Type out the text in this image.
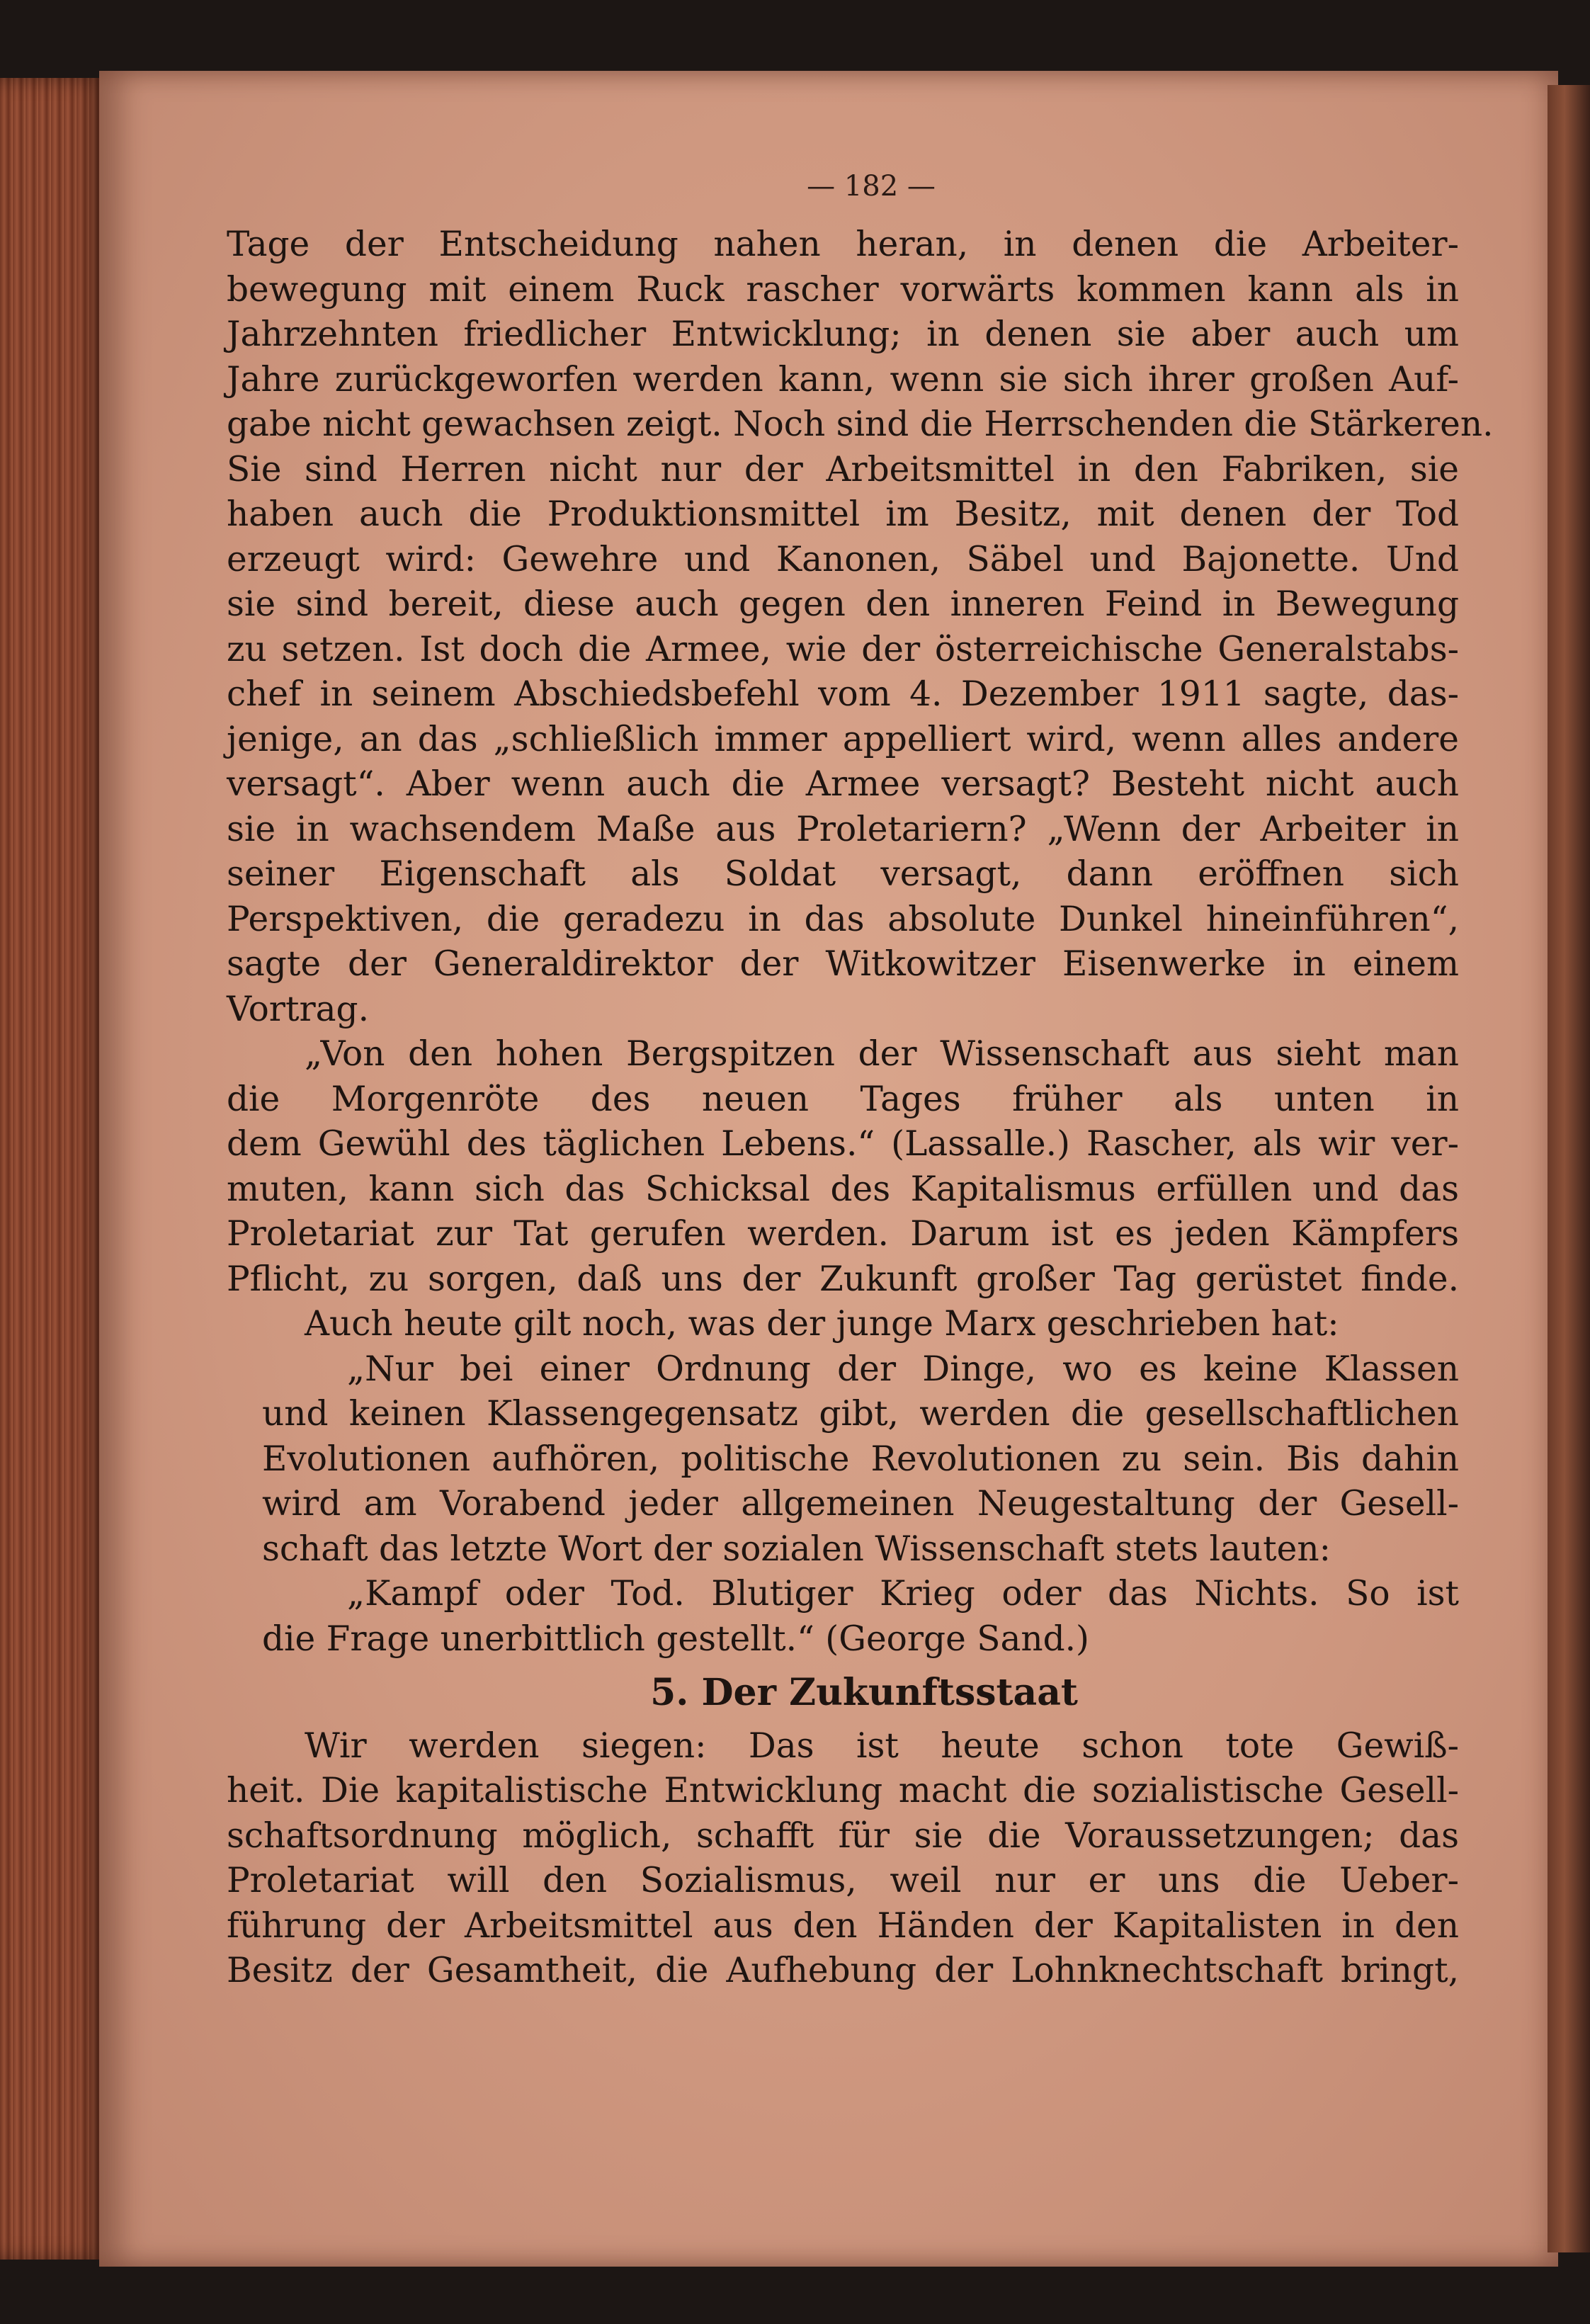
— 182 —
Tage der Entscheidung nahen heran, in denen die Arbeiter-
bewegung mit einem Ruck rascher vorwärts kommen kann als in
Jahrzehnten friedlicher Entwicklung; in denen sie aber auch um
Jahre zurückgeworfen werden kann, wenn sie sich ihrer großen Auf-
gabe nicht gewachsen zeigt. Noch sind die Herrschenden die Stärkeren.
Sie sind Herren nicht nur der Arbeitsmittel in den Fabriken, sie
haben auch die Produktionsmittel im Besitz, mit denen der Tod
erzeugt wird: Gewehre und Kanonen, Säbel und Bajonette. Und
sie sind bereit, diese auch gegen den inneren Feind in Bewegung
zu setzen. Ist doch die Armee, wie der österreichische Generalstabs-
chef in seinem Abschiedsbefehl vom 4. Dezember 1911 sagte, das-
jenige, an das „schließlich immer appelliert wird, wenn alles andere
versagt“. Aber wenn auch die Armee versagt? Besteht nicht auch
sie in wachsendem Maße aus Proletariern? „Wenn der Arbeiter in
seiner Eigenschaft als Soldat versagt, dann eröffnen sich
Perspektiven, die geradezu in das absolute Dunkel hineinführen“,
sagte der Generaldirektor der Witkowitzer Eisenwerke in einem
Vortrag.
„Von den hohen Bergspitzen der Wissenschaft aus sieht man
die Morgenröte des neuen Tages früher als unten in
dem Gewühl des täglichen Lebens.“ (Lassalle.) Rascher, als wir ver-
muten, kann sich das Schicksal des Kapitalismus erfüllen und das
Proletariat zur Tat gerufen werden. Darum ist es jeden Kämpfers
Pflicht, zu sorgen, daß uns der Zukunft großer Tag gerüstet finde.
Auch heute gilt noch, was der junge Marx geschrieben hat:
„Nur bei einer Ordnung der Dinge, wo es keine Klassen
und keinen Klassengegensatz gibt, werden die gesellschaftlichen
Evolutionen aufhören, politische Revolutionen zu sein. Bis dahin
wird am Vorabend jeder allgemeinen Neugestaltung der Gesell-
schaft das letzte Wort der sozialen Wissenschaft stets lauten:
„Kampf oder Tod. Blutiger Krieg oder das Nichts. So ist
die Frage unerbittlich gestellt.“ (George Sand.)
5. Der Zukunftsstaat
Wir werden siegen: Das ist heute schon tote Gewiß-
heit. Die kapitalistische Entwicklung macht die sozialistische Gesell-
schaftsordnung möglich, schafft für sie die Voraussetzungen; das
Proletariat will den Sozialismus, weil nur er uns die Ueber-
führung der Arbeitsmittel aus den Händen der Kapitalisten in den
Besitz der Gesamtheit, die Aufhebung der Lohnknechtschaft bringt,
